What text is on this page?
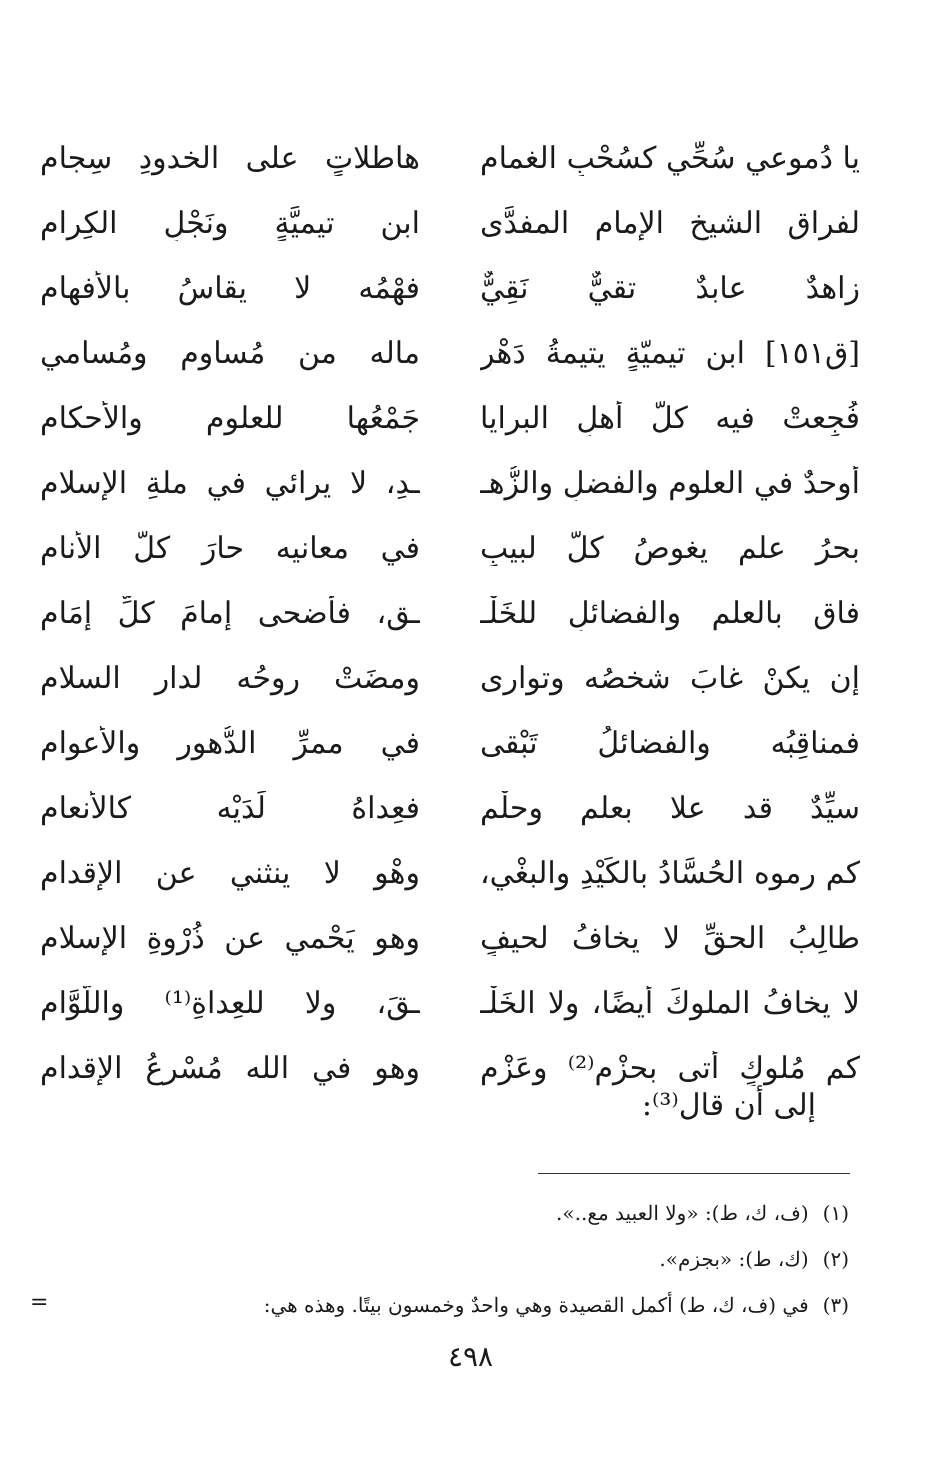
يا دُموعي سُحِّي كسُحْبِ الغمامِ
هاطلاتٍ على الخدودِ سِجامِ
لفراقِ الشيخِ الإمامِ المفدَّى
ابنِ تيميَّةٍ ونَجْلِ الكِرامِ
زاهدٌ عابدٌ تقيٌّ نَقِيٌّ
فهْمُه لا يقاسُ بالأفهامِ
[ق١٥١] ابنِ تيميّةٍ يتيمةُ دَهْرٍ
ماله من مُساومٍ ومُسامي
فُجِعتْ فيه كلُّ أهلِ البرايا
جَمْعُها للعلومِ والأحكامِ
أوحدٌ في العلومِ والفضلِ والزُّهـ
ـدِ، لا يرائي في ملةِ الإسلامِ
بحرُ علمٍ يغوصُ كلُّ لبيبٍ
في معانيه حارَ كلُّ الأنامِ
فاق بالعلمِ والفضائلِ للخَلْـ
ـقِ، فأضحى إمامَ كلِّ إمَامِ
إن يكنْ غابَ شخصُه وتوارى
ومضَتْ روحُه لدارِ السلامِ
فمناقِبُه والفضائلُ تَبْقى
في ممرِّ الدُّهورِ والأعوامِ
سيِّدٌ قد علا بعلمٍ وحلْمٍ
فعِداهُ لَدَيْه كالأنعامِ
كم رموه الحُسَّادُ بالكَيْدِ والبغْيِ،
وهْو لا ينثني عنِ الإقدامِ
طالِبُ الحقِّ لا يخافُ لحيفٍ
وهو يَحْمي عن ذُرْوةِ الإسلامِ
لا يخافُ الملوكَ أيضًا، ولا الخَلْـ
ـقَ، ولا للعِداةِ⁽¹⁾ واللُّوَّامِ
كم مُلوكٍ أتى بحزْمٍ⁽²⁾ وعَزْمٍ
وهو في الله مُسْرِعُ الإقدامِ
إلى أن قال⁽³⁾:
(١)(ف، ك، ط): «ولا العبيد مع..».
(٢)(ك، ط): «بجزم».
(٣)في (ف، ك، ط) أكمل القصيدة وهي واحدٌ وخمسون بيتًا. وهذه هي:
=
٤٩٨
